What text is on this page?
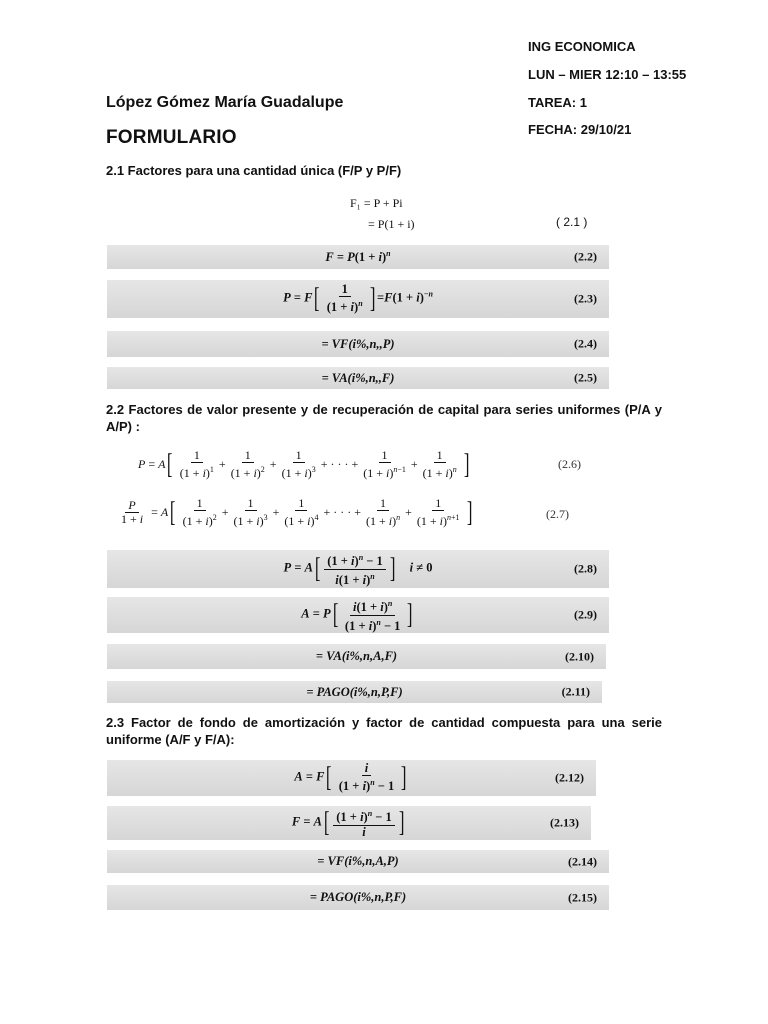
ING ECONOMICA
LUN – MIER 12:10 – 13:55
TAREA: 1
FECHA: 29/10/21
López Gómez María Guadalupe
FORMULARIO
2.1 Factores para una cantidad única (F/P y P/F)
F₁ = P + Pi
= P(1 + i)	( 2.1 )
$F = P(1 + i)^n$	(2.2)
$P = F[ \frac{1}{(1 + i)^n}$ ] $=F(1 + i)^{-n}$	(2.3)
= VF(i%,n,,P)	(2.4)
= VA(i%,n,,F)	(2.5)
2.2 Factores de valor presente y de recuperación de capital para series uniformes (P/A y A/P) :
P = A [ $\frac{1}{(1 + i)^1} + \frac{1}{(1 + i)^2} + \frac{1}{(1 + i)^3}$ + · · · + $\frac{1}{(1 + i)^{n-1}} + \frac{1}{(1 + i)^n}$ ]	(2.6)
$\frac{P}{1 + i} = A$ [ $\frac{1}{(1 + i)^2} + \frac{1}{(1 + i)^3} + \frac{1}{(1 + i)^4}$ + · · · + $\frac{1}{(1 + i)^n} + \frac{1}{(1 + i)^{n+1}}$ ]	(2.7)
$P = A[ \frac{(1 + i)^n - 1}{i(1 + i)^n}$ ] i ≠ 0	(2.8)
$A = P[ \frac{i(1 + i)^n}{(1 + i)^n - 1}$ ]	(2.9)
= VA(i%,n,A,F)	(2.10)
= PAGO(i%,n,P,F)	(2.11)
2.3 Factor de fondo de amortización y factor de cantidad compuesta para una serie uniforme (A/F y F/A):
$A = F[ \frac{i}{(1 + i)^n - 1}$ ]	(2.12)
$F = A[ \frac{(1 + i)^n - 1}{i}$ ]	(2.13)
= VF(i%,n,A,P)	(2.14)
= PAGO(i%,n,P,F)	(2.15)
